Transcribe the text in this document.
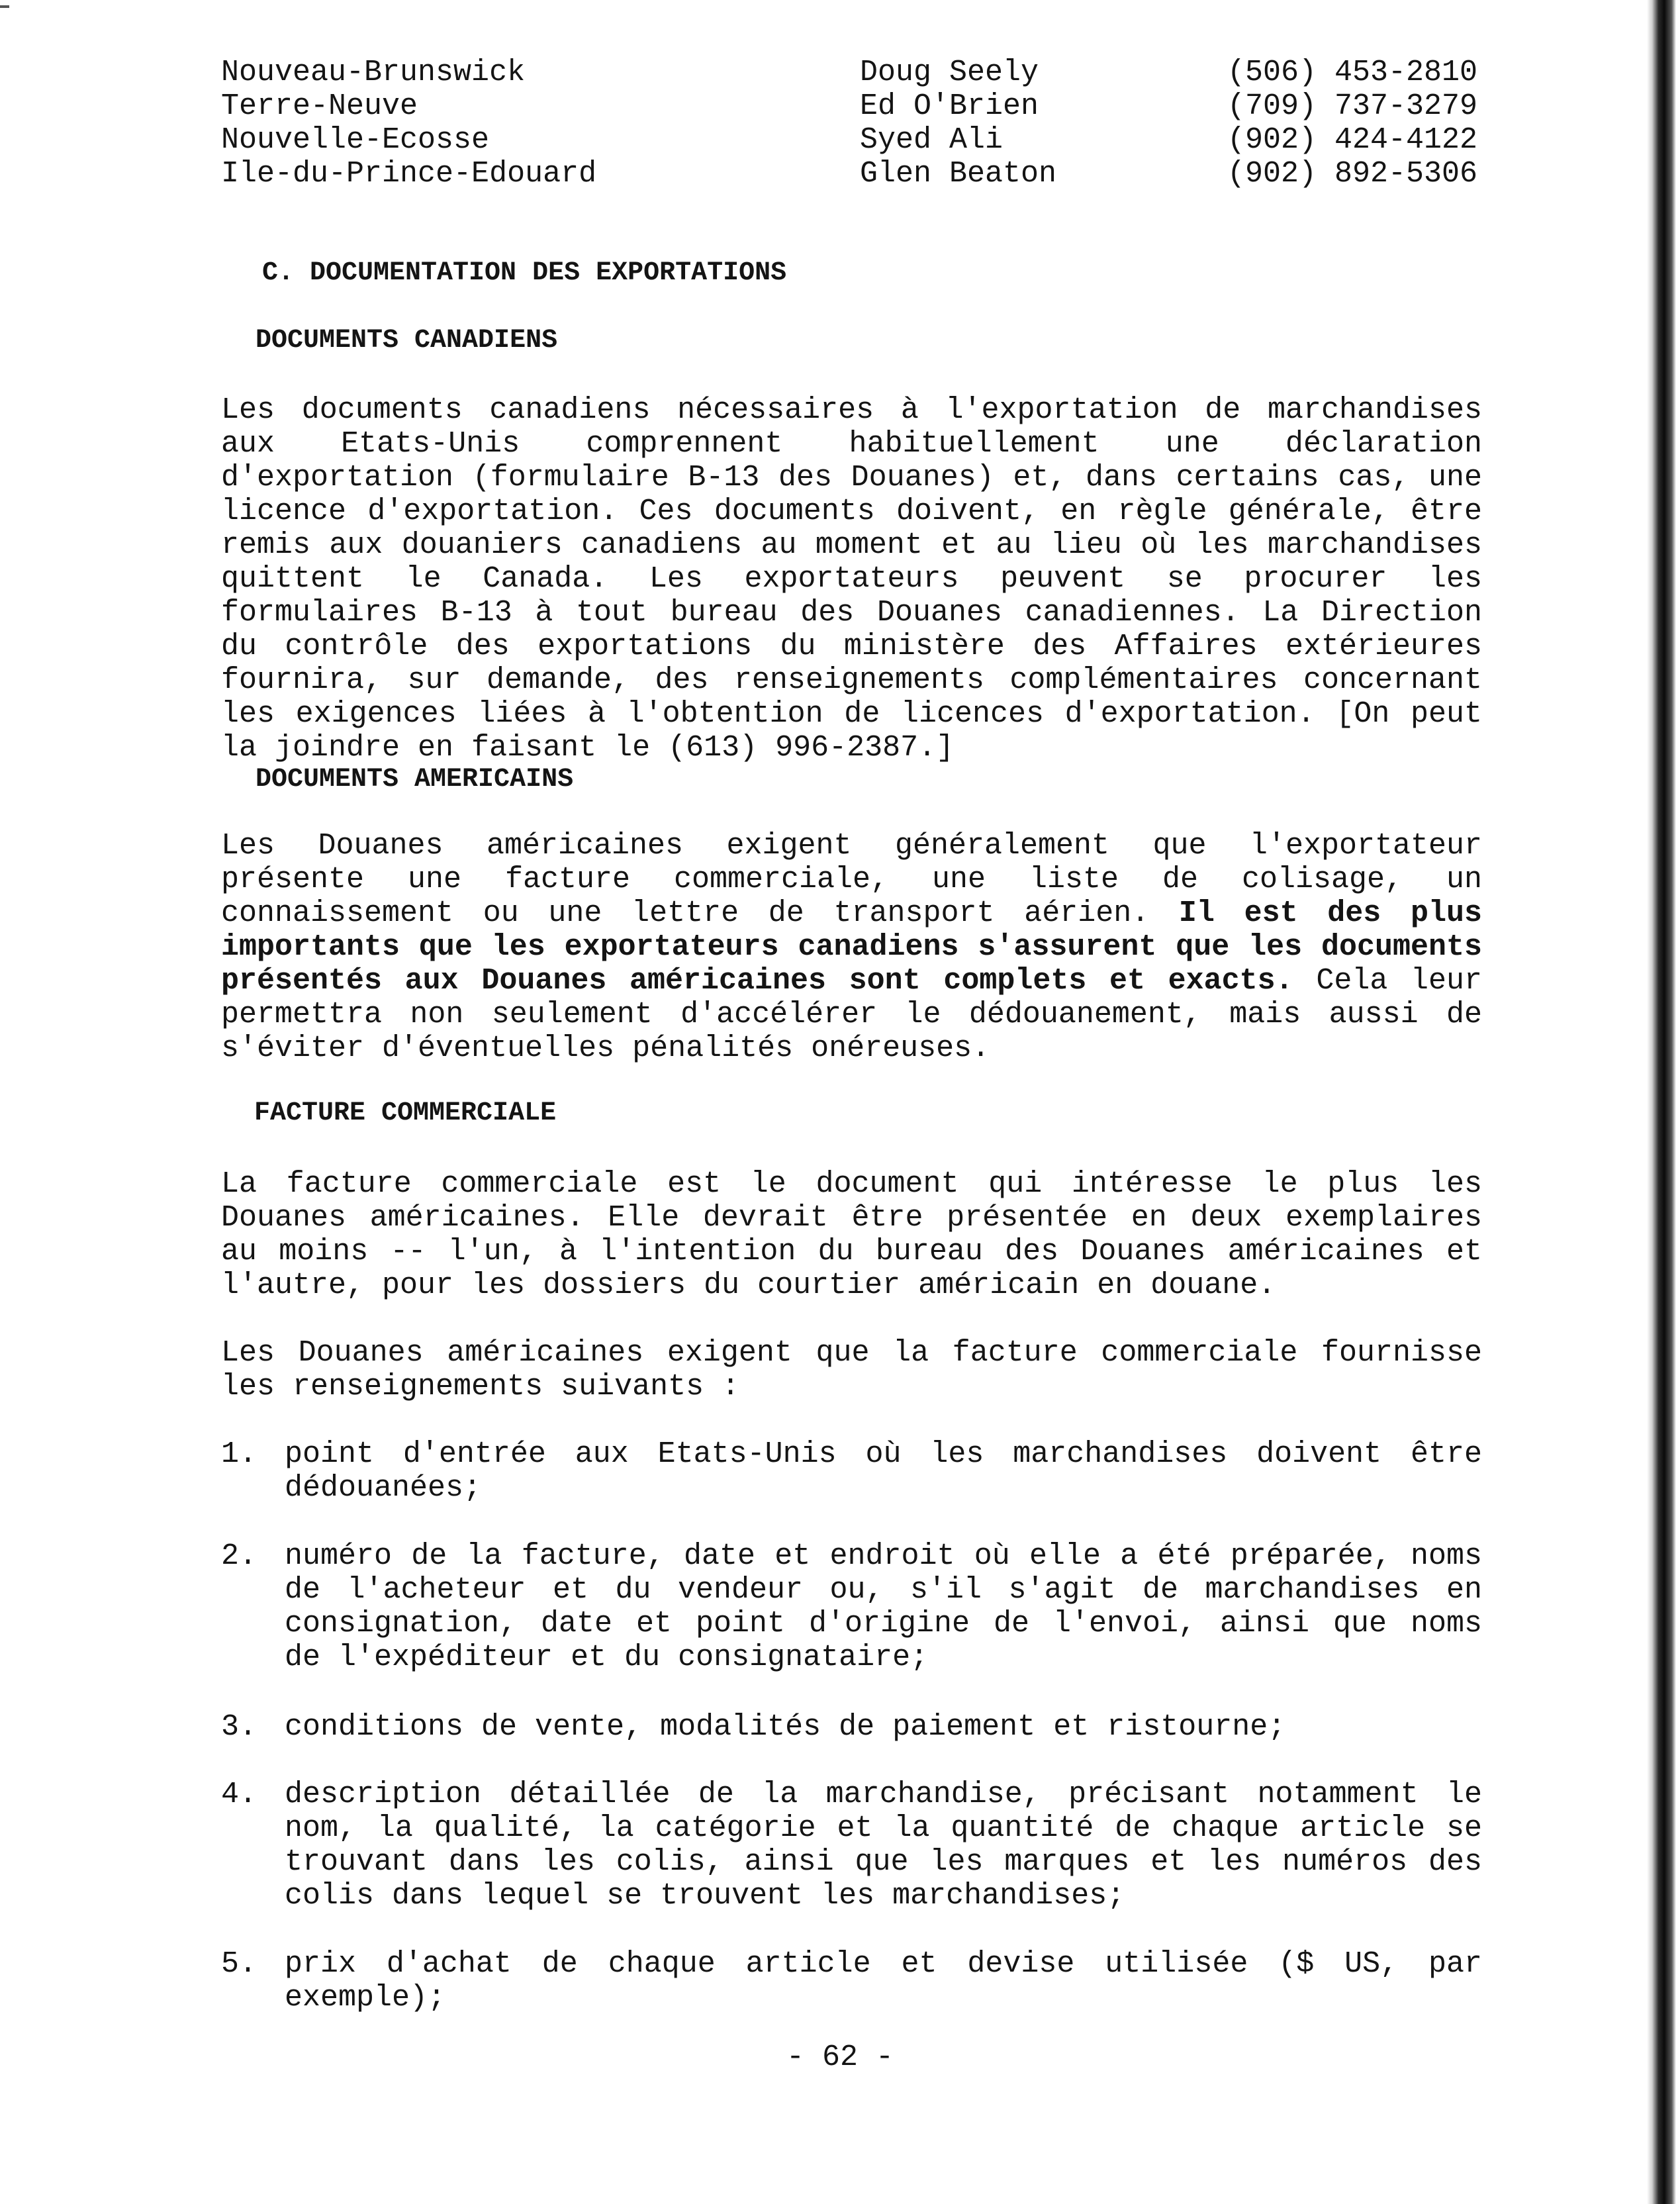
Nouveau-Brunswick	Doug Seely	(506) 453-2810
Terre-Neuve	Ed O'Brien	(709) 737-3279
Nouvelle-Ecosse	Syed Ali	(902) 424-4122
Ile-du-Prince-Edouard	Glen Beaton	(902) 892-5306
C. DOCUMENTATION DES EXPORTATIONS
DOCUMENTS CANADIENS
Les documents canadiens nécessaires à l'exportation de marchandises aux Etats-Unis comprennent habituellement une déclaration d'exportation (formulaire B-13 des Douanes) et, dans certains cas, une licence d'exportation. Ces documents doivent, en règle générale, être remis aux douaniers canadiens au moment et au lieu où les marchandises quittent le Canada. Les exportateurs peuvent se procurer les formulaires B-13 à tout bureau des Douanes canadiennes. La Direction du contrôle des exportations du ministère des Affaires extérieures fournira, sur demande, des renseignements complémentaires concernant les exigences liées à l'obtention de licences d'exportation. [On peut la joindre en faisant le (613) 996-2387.]
DOCUMENTS AMERICAINS
Les Douanes américaines exigent généralement que l'exportateur présente une facture commerciale, une liste de colisage, un connaissement ou une lettre de transport aérien. Il est des plus importants que les exportateurs canadiens s'assurent que les documents présentés aux Douanes américaines sont complets et exacts. Cela leur permettra non seulement d'accélérer le dédouanement, mais aussi de s'éviter d'éventuelles pénalités onéreuses.
FACTURE COMMERCIALE
La facture commerciale est le document qui intéresse le plus les Douanes américaines. Elle devrait être présentée en deux exemplaires au moins -- l'un, à l'intention du bureau des Douanes américaines et l'autre, pour les dossiers du courtier américain en douane.
Les Douanes américaines exigent que la facture commerciale fournisse les renseignements suivants :
1. point d'entrée aux Etats-Unis où les marchandises doivent être dédouanées;
2. numéro de la facture, date et endroit où elle a été préparée, noms de l'acheteur et du vendeur ou, s'il s'agit de marchandises en consignation, date et point d'origine de l'envoi, ainsi que noms de l'expéditeur et du consignataire;
3. conditions de vente, modalités de paiement et ristourne;
4. description détaillée de la marchandise, précisant notamment le nom, la qualité, la catégorie et la quantité de chaque article se trouvant dans les colis, ainsi que les marques et les numéros des colis dans lequel se trouvent les marchandises;
5. prix d'achat de chaque article et devise utilisée ($ US, par exemple);
- 62 -
